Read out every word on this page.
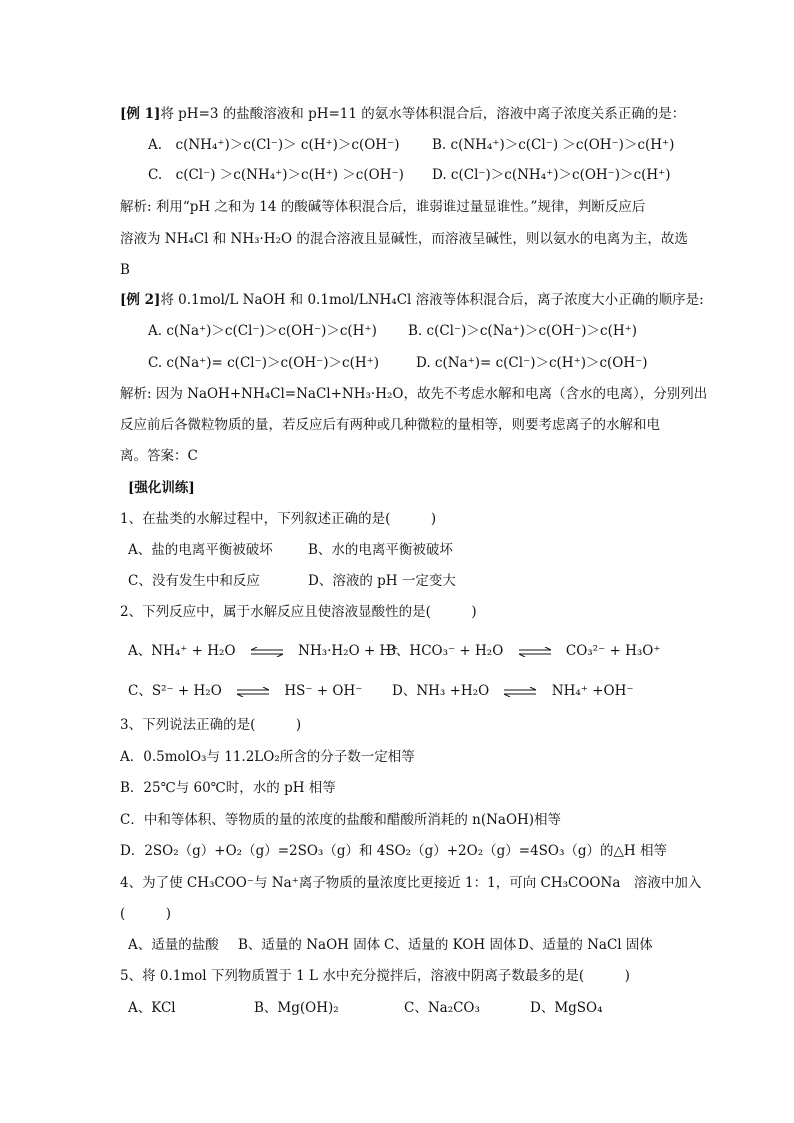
[例 1]将 pH=3 的盐酸溶液和 pH=11 的氨水等体积混合后，溶液中离子浓度关系正确的是：
A.　c(NH₄⁺)＞c(Cl⁻)＞ c(H⁺)＞c(OH⁻) B. c(NH₄⁺)＞c(Cl⁻) ＞c(OH⁻)＞c(H⁺)
C.　c(Cl⁻) ＞c(NH₄⁺)＞c(H⁺) ＞c(OH⁻) D. c(Cl⁻)＞c(NH₄⁺)＞c(OH⁻)＞c(H⁺)
解析: 利用“pH 之和为 14 的酸碱等体积混合后，谁弱谁过量显谁性。”规律，判断反应后
溶液为 NH₄Cl 和 NH₃·H₂O 的混合溶液且显碱性，而溶液呈碱性，则以氨水的电离为主，故选
B
[例 2]将 0.1mol/L NaOH 和 0.1mol/LNH₄Cl 溶液等体积混合后，离子浓度大小正确的顺序是:
A. c(Na⁺)＞c(Cl⁻)＞c(OH⁻)＞c(H⁺) B. c(Cl⁻)＞c(Na⁺)＞c(OH⁻)＞c(H⁺)
C. c(Na⁺)= c(Cl⁻)＞c(OH⁻)＞c(H⁺)	D. c(Na⁺)= c(Cl⁻)＞c(H⁺)＞c(OH⁻)
解析: 因为 NaOH+NH₄Cl=NaCl+NH₃·H₂O，故先不考虑水解和电离（含水的电离），分别列出
反应前后各微粒物质的量，若反应后有两种或几种微粒的量相等，则要考虑离子的水解和电
离。答案：C
[强化训练]
1、在盐类的水解过程中，下列叙述正确的是(　　　)
A、盐的电离平衡被破坏	B、水的电离平衡被破坏
C、没有发生中和反应	D、溶液的 pH 一定变大
2、下列反应中，属于水解反应且使溶液显酸性的是(　　　)
A、NH₄⁺ + H₂O ⇌ NH₃·H₂O + H⁺
B、HCO₃⁻ + H₂O ⇌ CO₃²⁻ + H₃O⁺
C、S²⁻ + H₂O ⇌ HS⁻ + OH⁻ D、NH₃ +H₂O ⇌ NH₄⁺ +OH⁻
3、下列说法正确的是(　　　)
A．0.5molO₃与 11.2LO₂所含的分子数一定相等
B．25℃与 60℃时，水的 pH 相等
C．中和等体积、等物质的量的浓度的盐酸和醋酸所消耗的 n(NaOH)相等
D．2SO₂（g）+O₂（g）=2SO₃（g）和 4SO₂（g）+2O₂（g）=4SO₃（g）的△H 相等
4、为了使 CH₃COO⁻与 Na⁺离子物质的量浓度比更接近 1：1，可向 CH₃COONa　溶液中加入
(　　　)
A、适量的盐酸 B、适量的 NaOH 固体 C、适量的 KOH 固体 D、适量的 NaCl 固体
5、将 0.1mol 下列物质置于 1 L 水中充分搅拌后，溶液中阴离子数最多的是(　　　)
A、KCl	B、Mg(OH)₂	C、Na₂CO₃	D、MgSO₄
